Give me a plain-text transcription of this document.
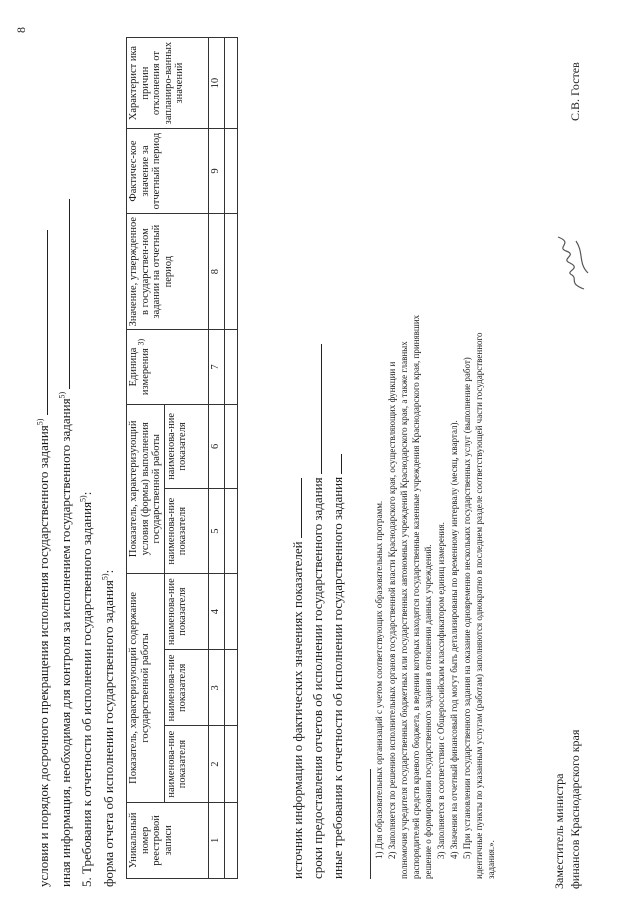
8
условия и порядок досрочного прекращения исполнения государственного задания$^{5)}$	иная информация, необходимая для контроля за исполнением государственного задания$^{5)}$
5. Требования к отчетности об исполнении государственного задания$^{5)}$:
форма отчета об исполнении государственного задания$^{5)}$:
Уникальный номер реестровой записи	Показатель, характеризующий содержание государственной работы			Показатель, характеризующий условия (формы) выполнения государственной работы		Единица измерения $^{3)}$	Значение, утвержденное в государствен-ном задании на отчетный период	Фактичес-кое значение за отчетный период	Характерист ика причин отклонения от запланиро-ванных значений
	наименова-ние показателя	наименова-ние показателя	наименова-ние показателя	наименова-ние показателя	наименова-ние показателя				
1	2	3	4	5	6	7	8	9	10

источник информации о фактических значениях показателей сроки предоставления отчетов об исполнении государственного задания иные требования к отчетности об исполнении государственного задания	1) Для образовательных организаций с учетом соответствующих образовательных программ. 2) Заполняется по решению исполнительных органов государственной власти Краснодарского края, осуществляющих функции и полномочия учредителя государственных бюджетных или государственных автономных учреждений Краснодарского края, а также главных распорядителей средств краевого бюджета, в ведении которых находятся государственные казенные учреждения Краснодарского края, принявших решение о формировании государственного задания в отношении данных учреждений. 3) Заполняется в соответствии с Общероссийским классификатором единиц измерения. 4) Значения на отчетный финансовый год могут быть детализированы по временному интервалу (месяц, квартал). 5) При установлении государственного задания на оказание одновременно нескольких государственных услуг (выполнение работ) идентичные пункты по указанным услугам (работам) заполняются однократно в последнем разделе соответствующей части государственного задания.».	Заместитель министра финансов Краснодарского края
С.В. Гостев
